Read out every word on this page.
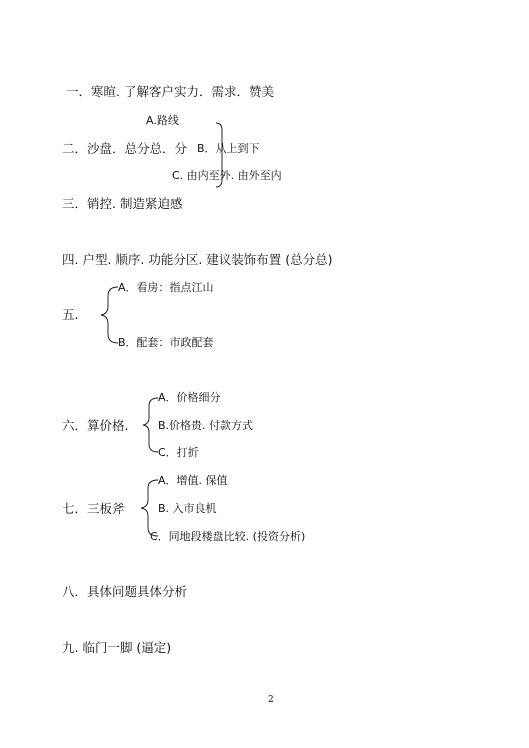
一．寒暄. 了解客户实力．需求．赞美
A.路线
二．沙盘．总分总．分 B．从上到下
C. 由内至外. 由外至内
三．销控. 制造紧迫感
四. 户型. 顺序. 功能分区. 建议装饰布置 (总分总)
A．看房：指点江山
五.
B．配套：市政配套
A．价格细分
六．算价格.	B.价格贵. 付款方式
C．打折
A．增值. 保值
七．三板斧	B. 入市良机
C．同地段楼盘比较. (投资分析)
八．具体问题具体分析
九. 临门一脚 (逼定)
2
